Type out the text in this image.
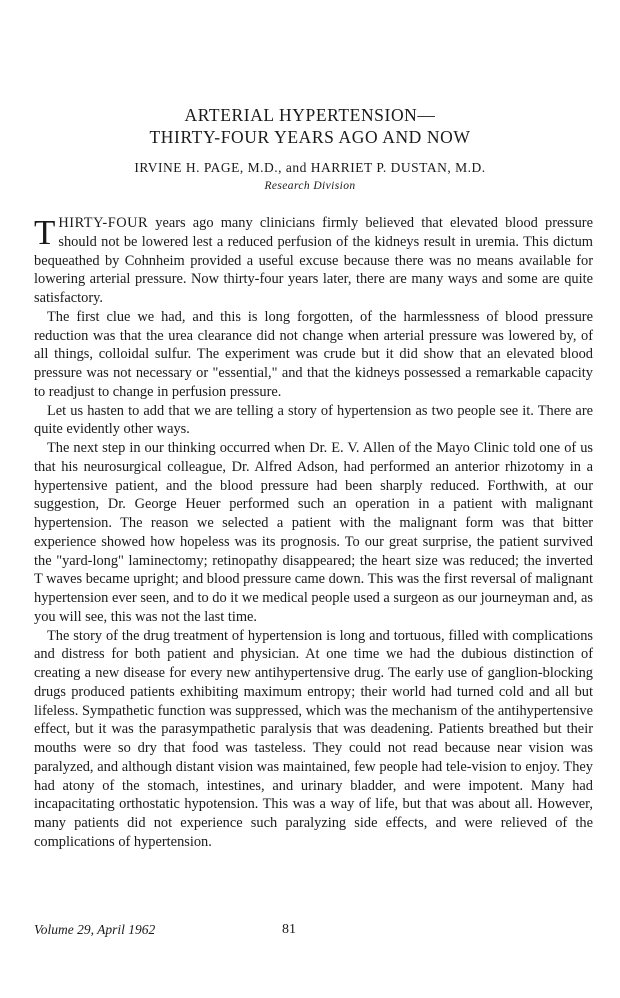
ARTERIAL HYPERTENSION—
THIRTY-FOUR YEARS AGO AND NOW
IRVINE H. PAGE, M.D., and HARRIET P. DUSTAN, M.D.
Research Division

THIRTY-FOUR years ago many clinicians firmly believed that elevated blood pressure should not be lowered lest a reduced perfusion of the kidneys result in uremia. This dictum bequeathed by Cohnheim provided a useful excuse because there was no means available for lowering arterial pressure. Now thirty-four years later, there are many ways and some are quite satisfactory.

The first clue we had, and this is long forgotten, of the harmlessness of blood pressure reduction was that the urea clearance did not change when arterial pressure was lowered by, of all things, colloidal sulfur. The experiment was crude but it did show that an elevated blood pressure was not necessary or "essential," and that the kidneys possessed a remarkable capacity to readjust to change in perfusion pressure.

Let us hasten to add that we are telling a story of hypertension as two people see it. There are quite evidently other ways.

The next step in our thinking occurred when Dr. E. V. Allen of the Mayo Clinic told one of us that his neurosurgical colleague, Dr. Alfred Adson, had performed an anterior rhizotomy in a hypertensive patient, and the blood pressure had been sharply reduced. Forthwith, at our suggestion, Dr. George Heuer performed such an operation in a patient with malignant hypertension. The reason we selected a patient with the malignant form was that bitter experience showed how hopeless was its prognosis. To our great surprise, the patient survived the "yard-long" laminectomy; retinopathy disappeared; the heart size was reduced; the inverted T waves became upright; and blood pressure came down. This was the first reversal of malignant hypertension ever seen, and to do it we medical people used a surgeon as our journeyman and, as you will see, this was not the last time.

The story of the drug treatment of hypertension is long and tortuous, filled with complications and distress for both patient and physician. At one time we had the dubious distinction of creating a new disease for every new antihypertensive drug. The early use of ganglion-blocking drugs produced patients exhibiting maximum entropy; their world had turned cold and all but lifeless. Sympathetic function was suppressed, which was the mechanism of the antihypertensive effect, but it was the parasympathetic paralysis that was deadening. Patients breathed but their mouths were so dry that food was tasteless. They could not read because near vision was paralyzed, and although distant vision was maintained, few people had tele-vision to enjoy. They had atony of the stomach, intestines, and urinary bladder, and were impotent. Many had incapacitating orthostatic hypotension. This was a way of life, but that was about all. However, many patients did not experience such paralyzing side effects, and were relieved of the complications of hypertension.

Volume 29, April 1962	81
